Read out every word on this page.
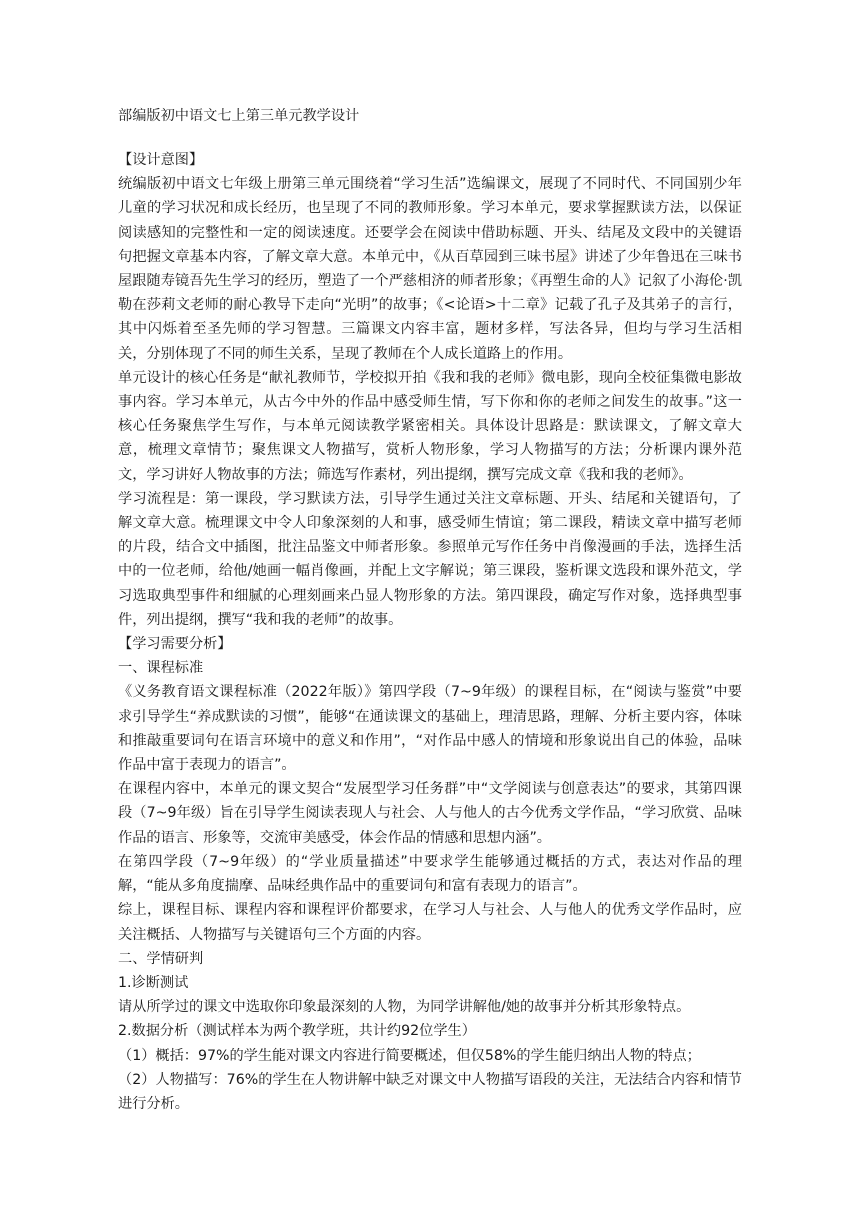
部编版初中语文七上第三单元教学设计

【设计意图】

统编版初中语文七年级上册第三单元围绕着“学习生活”选编课文，展现了不同时代、不同国别少年儿童的学习状况和成长经历，也呈现了不同的教师形象。学习本单元，要求掌握默读方法，以保证阅读感知的完整性和一定的阅读速度。还要学会在阅读中借助标题、开头、结尾及文段中的关键语句把握文章基本内容，了解文章大意。本单元中，《从百草园到三味书屋》讲述了少年鲁迅在三味书屋跟随寿镜吾先生学习的经历，塑造了一个严慈相济的师者形象；《再塑生命的人》记叙了小海伦·凯勒在莎莉文老师的耐心教导下走向“光明”的故事；《<论语>十二章》记载了孔子及其弟子的言行，其中闪烁着至圣先师的学习智慧。三篇课文内容丰富，题材多样，写法各异，但均与学习生活相关，分别体现了不同的师生关系，呈现了教师在个人成长道路上的作用。

单元设计的核心任务是“献礼教师节，学校拟开拍《我和我的老师》微电影，现向全校征集微电影故事内容。学习本单元，从古今中外的作品中感受师生情，写下你和你的老师之间发生的故事。”这一核心任务聚焦学生写作，与本单元阅读教学紧密相关。具体设计思路是：默读课文，了解文章大意，梳理文章情节；聚焦课文人物描写，赏析人物形象，学习人物描写的方法；分析课内课外范文，学习讲好人物故事的方法；筛选写作素材，列出提纲，撰写完成文章《我和我的老师》。

学习流程是：第一课段，学习默读方法，引导学生通过关注文章标题、开头、结尾和关键语句，了解文章大意。梳理课文中令人印象深刻的人和事，感受师生情谊；第二课段，精读文章中描写老师的片段，结合文中插图，批注品鉴文中师者形象。参照单元写作任务中肖像漫画的手法，选择生活中的一位老师，给他/她画一幅肖像画，并配上文字解说；第三课段，鉴析课文选段和课外范文，学习选取典型事件和细腻的心理刻画来凸显人物形象的方法。第四课段，确定写作对象，选择典型事件，列出提纲，撰写“我和我的老师”的故事。

【学习需要分析】

一、课程标准

《义务教育语文课程标准（2022年版）》第四学段（7~9年级）的课程目标，在“阅读与鉴赏”中要求引导学生“养成默读的习惯”，能够“在通读课文的基础上，理清思路，理解、分析主要内容，体味和推敲重要词句在语言环境中的意义和作用”，“对作品中感人的情境和形象说出自己的体验，品味作品中富于表现力的语言”。

在课程内容中，本单元的课文契合“发展型学习任务群”中“文学阅读与创意表达”的要求，其第四课段（7~9年级）旨在引导学生阅读表现人与社会、人与他人的古今优秀文学作品，“学习欣赏、品味作品的语言、形象等，交流审美感受，体会作品的情感和思想内涵”。

在第四学段（7~9年级）的“学业质量描述”中要求学生能够通过概括的方式，表达对作品的理解，“能从多角度揣摩、品味经典作品中的重要词句和富有表现力的语言”。

综上，课程目标、课程内容和课程评价都要求，在学习人与社会、人与他人的优秀文学作品时，应关注概括、人物描写与关键语句三个方面的内容。

二、学情研判

1.诊断测试

请从所学过的课文中选取你印象最深刻的人物，为同学讲解他/她的故事并分析其形象特点。

2.数据分析（测试样本为两个教学班，共计约92位学生）

（1）概括：97%的学生能对课文内容进行简要概述，但仅58%的学生能归纳出人物的特点；

（2）人物描写：76%的学生在人物讲解中缺乏对课文中人物描写语段的关注，无法结合内容和情节进行分析。
